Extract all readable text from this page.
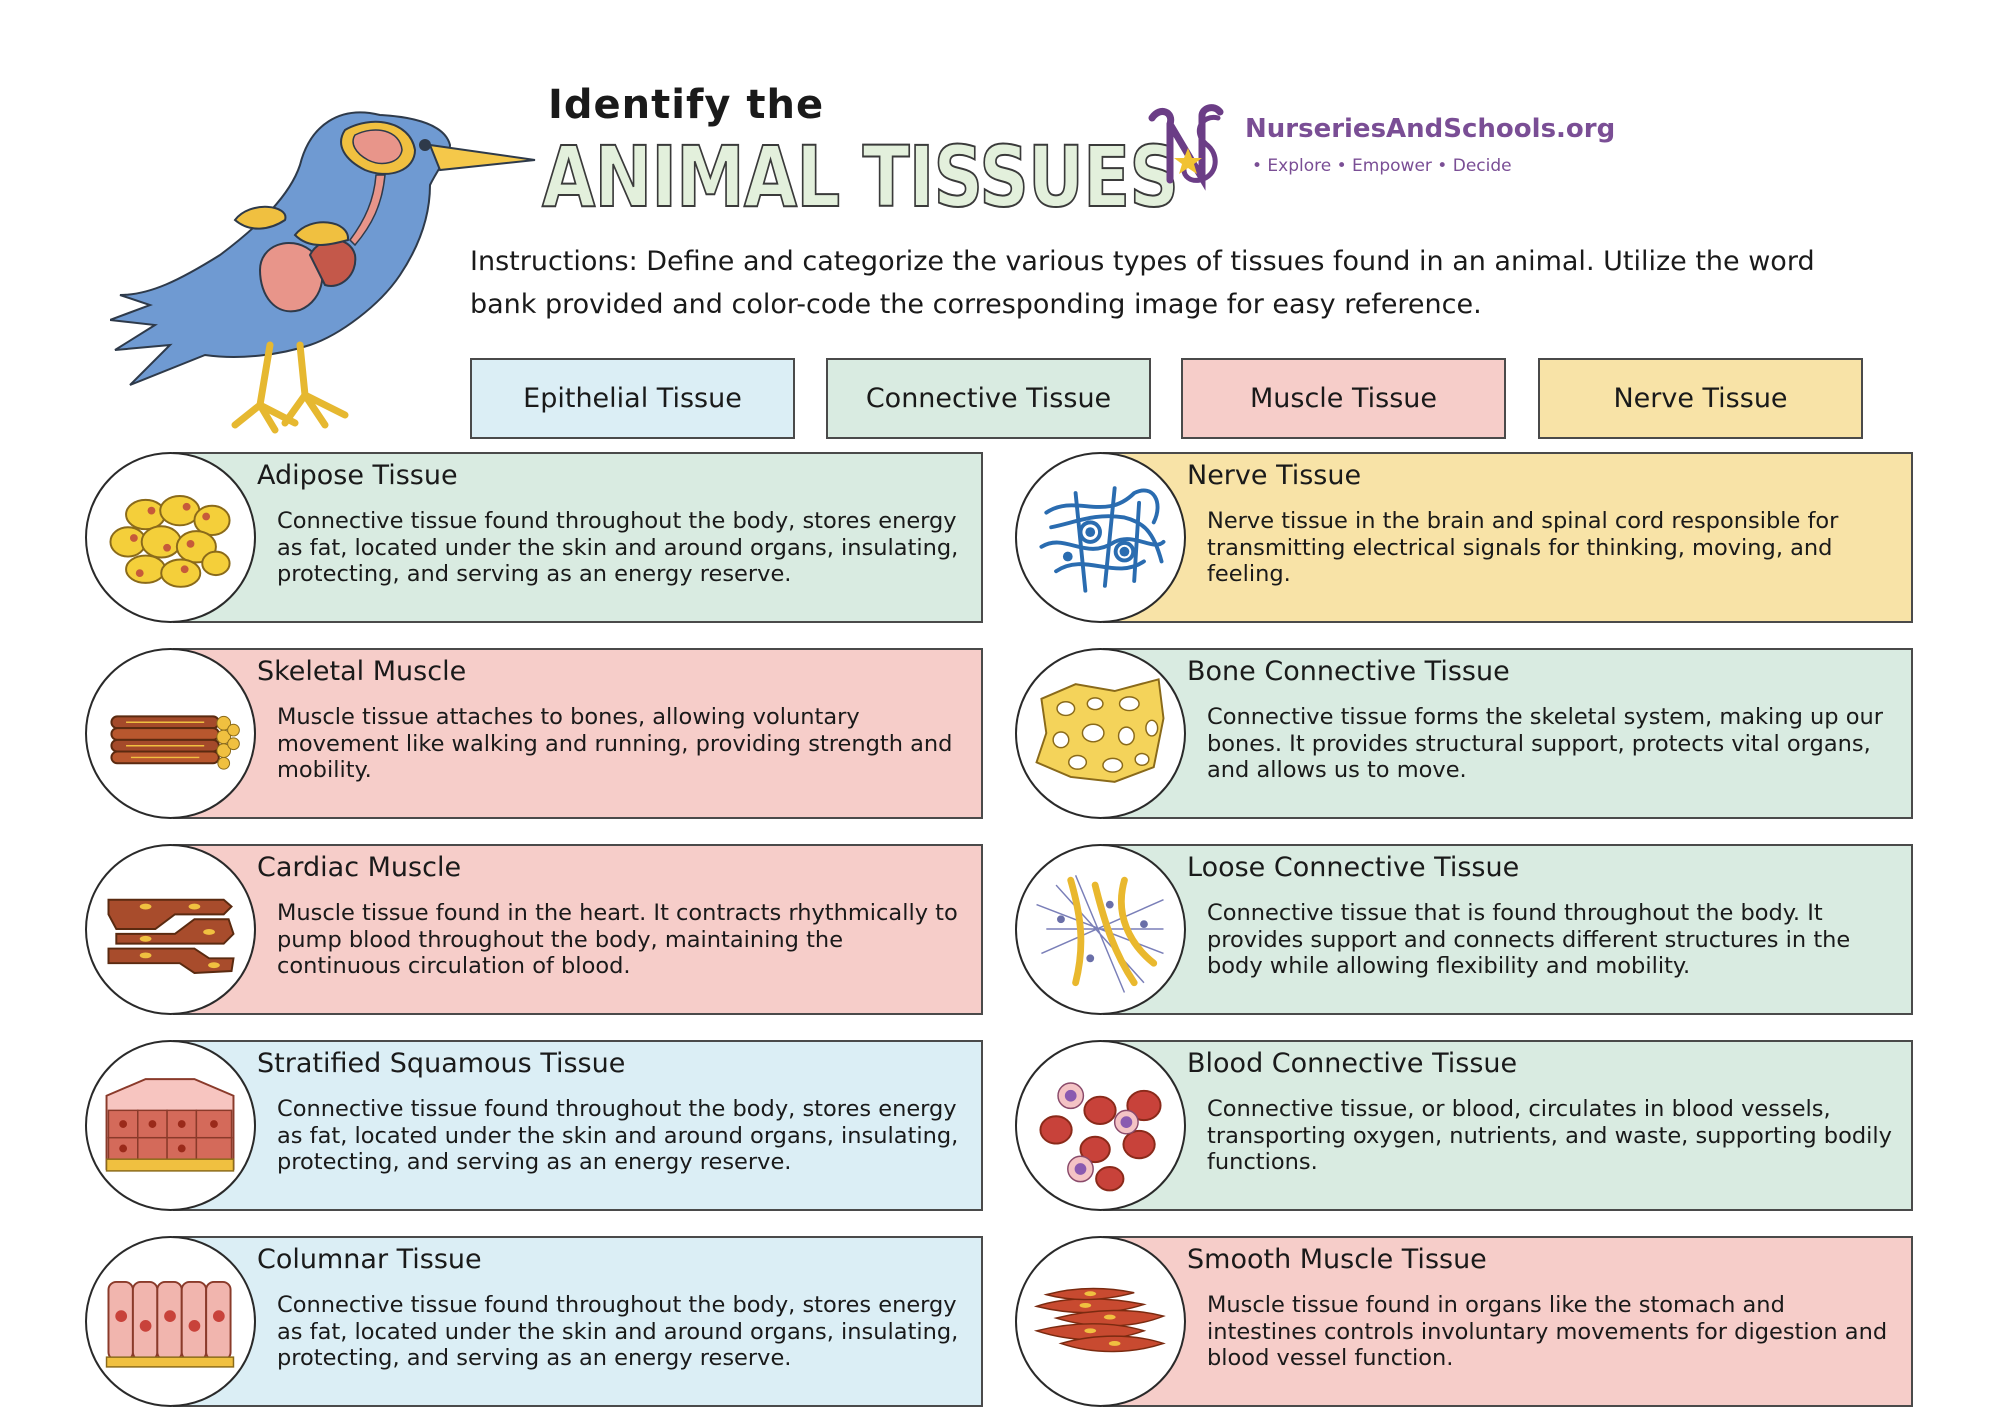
Identify the
ANIMAL TISSUES	NurseriesAndSchools.org
• Explore • Empower • Decide
Instructions: Define and categorize the various types of tissues found in an animal. Utilize the word bank provided and color-code the corresponding image for easy reference.
Epithelial Tissue	Connective Tissue	Muscle Tissue	Nerve Tissue
Adipose Tissue
Connective tissue found throughout the body, stores energy as fat, located under the skin and around organs, insulating, protecting, and serving as an energy reserve.
Nerve Tissue
Nerve tissue in the brain and spinal cord responsible for transmitting electrical signals for thinking, moving, and feeling.
Skeletal Muscle
Muscle tissue attaches to bones, allowing voluntary movement like walking and running, providing strength and mobility.
Bone Connective Tissue
Connective tissue forms the skeletal system, making up our bones. It provides structural support, protects vital organs, and allows us to move.
Cardiac Muscle
Muscle tissue found in the heart. It contracts rhythmically to pump blood throughout the body, maintaining the continuous circulation of blood.
Loose Connective Tissue
Connective tissue that is found throughout the body. It provides support and connects different structures in the body while allowing flexibility and mobility.
Stratified Squamous Tissue
Connective tissue found throughout the body, stores energy as fat, located under the skin and around organs, insulating, protecting, and serving as an energy reserve.
Blood Connective Tissue
Connective tissue, or blood, circulates in blood vessels, transporting oxygen, nutrients, and waste, supporting bodily functions.
Columnar Tissue
Connective tissue found throughout the body, stores energy as fat, located under the skin and around organs, insulating, protecting, and serving as an energy reserve.
Smooth Muscle Tissue
Muscle tissue found in organs like the stomach and intestines controls involuntary movements for digestion and blood vessel function.
